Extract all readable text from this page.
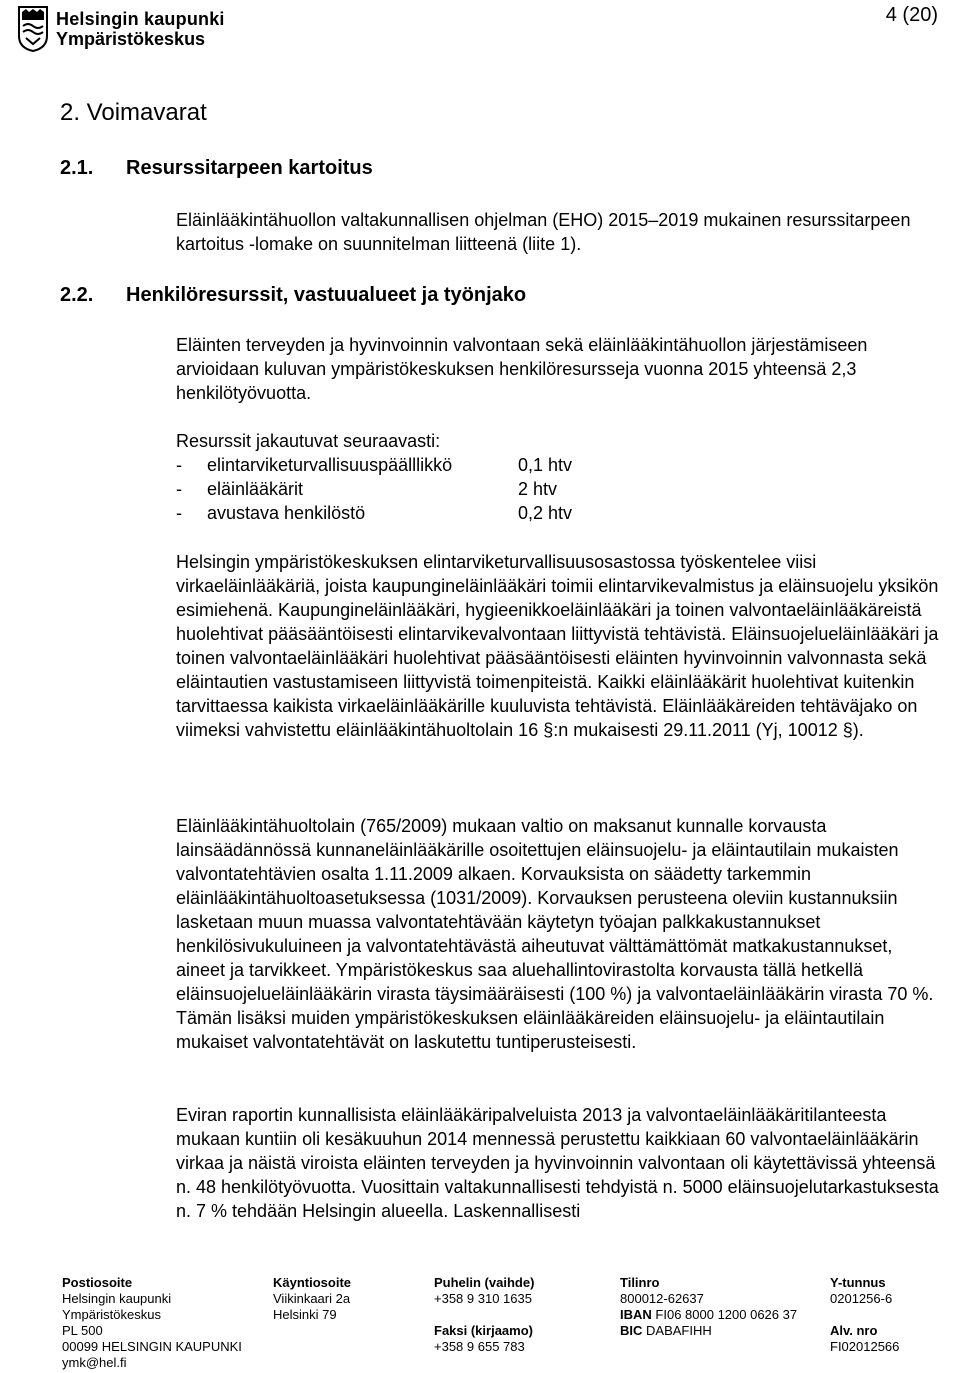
Helsingin kaupunki
Ympäristökeskus
4 (20)
2. Voimavarat
2.1. Resurssitarpeen kartoitus

Eläinlääkintähuollon valtakunnallisen ohjelman (EHO) 2015–2019 mukainen resurssitarpeen kartoitus -lomake on suunnitelman liitteenä (liite 1).

2.2. Henkilöresurssit, vastuualueet ja työnjako

Eläinten terveyden ja hyvinvoinnin valvontaan sekä eläinlääkintähuollon järjestämiseen arvioidaan kuluvan ympäristökeskuksen henkilöresursseja vuonna 2015 yhteensä 2,3 henkilötyövuotta.

Resurssit jakautuvat seuraavasti:

-	elintarviketurvallisuuspäälllikkö	0,1 htv
-	eläinlääkärit	2 htv
-	avustava henkilöstö	0,2 htv

Helsingin ympäristökeskuksen elintarviketurvallisuusosastossa työskentelee viisi virkaeläinlääkäriä, joista kaupungineläinlääkäri toimii elintarvikevalmistus ja eläinsuojelu yksikön esimiehenä. Kaupungineläinlääkäri, hygieenikkoeläinlääkäri ja toinen valvontaeläinlääkäreistä huolehtivat pääsääntöisesti elintarvikevalvontaan liittyvistä tehtävistä. Eläinsuojelueläinlääkäri ja toinen valvontaeläinlääkäri huolehtivat pääsääntöisesti eläinten hyvinvoinnin valvonnasta sekä eläintautien vastustamiseen liittyvistä toimenpiteistä. Kaikki eläinlääkärit huolehtivat kuitenkin tarvittaessa kaikista virkaeläinlääkärille kuuluvista tehtävistä. Eläinlääkäreiden tehtäväjako on viimeksi vahvistettu eläinlääkintähuoltolain 16 §:n mukaisesti 29.11.2011 (Yj, 10012 §).

Eläinlääkintähuoltolain (765/2009) mukaan valtio on maksanut kunnalle korvausta lainsäädännössä kunnaneläinlääkärille osoitettujen eläinsuojelu- ja eläintautilain mukaisten valvontatehtävien osalta 1.11.2009 alkaen. Korvauksista on säädetty tarkemmin eläinlääkintähuoltoasetuksessa (1031/2009). Korvauksen perusteena oleviin kustannuksiin lasketaan muun muassa valvontatehtävään käytetyn työajan palkkakustannukset henkilösivukuluineen ja valvontatehtävästä aiheutuvat välttämättömät matkakustannukset, aineet ja tarvikkeet. Ympäristökeskus saa aluehallintovirastolta korvausta tällä hetkellä eläinsuojelueläinlääkärin virasta täysimääräisesti (100 %) ja valvontaeläinlääkärin virasta 70 %. Tämän lisäksi muiden ympäristökeskuksen eläinlääkäreiden eläinsuojelu- ja eläintautilain mukaiset valvontatehtävät on laskutettu tuntiperusteisesti.

Eviran raportin kunnallisista eläinlääkäripalveluista 2013 ja valvontaeläinlääkäritilanteesta mukaan kuntiin oli kesäkuuhun 2014 mennessä perustettu kaikkiaan 60 valvontaeläinlääkärin virkaa ja näistä viroista eläinten terveyden ja hyvinvoinnin valvontaan oli käytettävissä yhteensä n. 48 henkilötyövuotta. Vuosittain valtakunnallisesti tehdyistä n. 5000 eläinsuojelutarkastuksesta n. 7 % tehdään Helsingin alueella. Laskennallisesti

Postiosoite
Helsingin kaupunki
Ympäristökeskus
PL 500
00099 HELSINGIN KAUPUNKI
ymk@hel.fi
Käyntiosoite
Viikinkaari 2a
Helsinki 79
Puhelin (vaihde)
+358 9 310 1635
Faksi (kirjaamo)
+358 9 655 783
Tilinro
800012-62637
IBAN FI06 8000 1200 0626 37
BIC DABAFIHH
Y-tunnus
0201256-6
Alv. nro
FI02012566
